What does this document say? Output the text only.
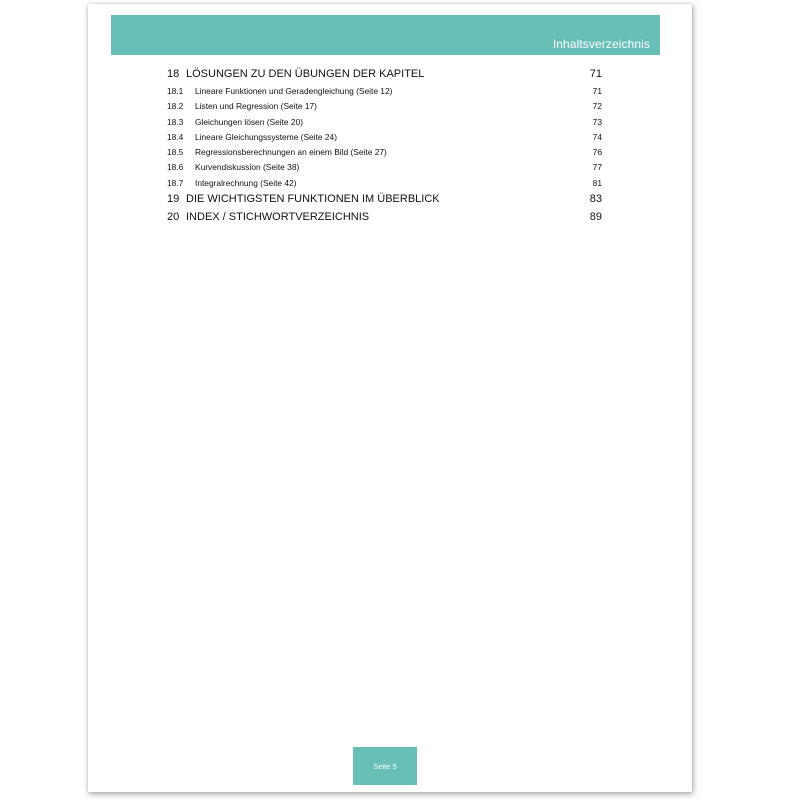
Inhaltsverzeichnis
18 LÖSUNGEN ZU DEN ÜBUNGEN DER KAPITEL	71
18.1	Lineare Funktionen und Geradengleichung (Seite 12)	71
18.2	Listen und Regression (Seite 17)	72
18.3	Gleichungen lösen (Seite 20)	73
18.4	Lineare Gleichungssysteme (Seite 24)	74
18.5	Regressionsberechnungen an einem Bild (Seite 27)	76
18.6	Kurvendiskussion (Seite 38)	77
18.7	Integralrechnung (Seite 42)	81
19 DIE WICHTIGSTEN FUNKTIONEN IM ÜBERBLICK	83
20 INDEX / STICHWORTVERZEICHNIS	89
Seite 5
